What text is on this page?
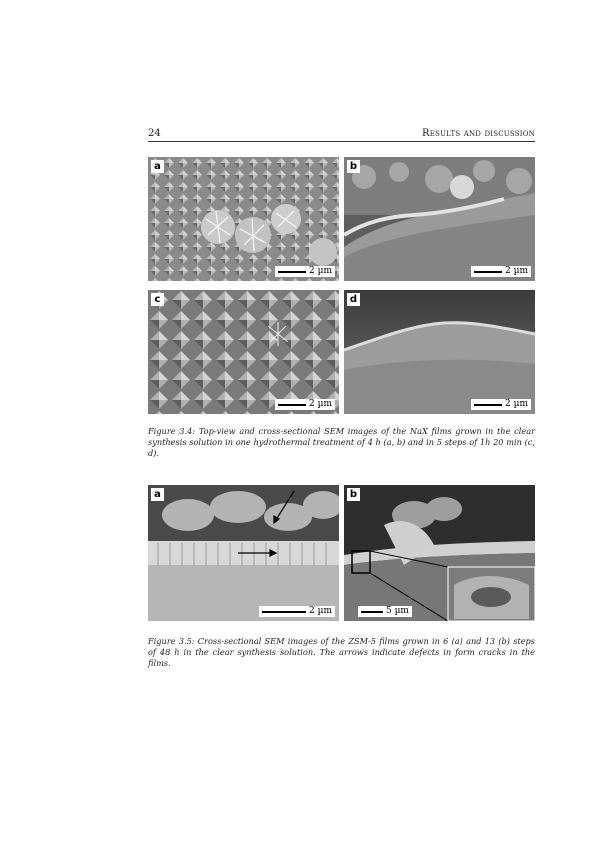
24	Results and discussion
a
2 µm
b
2 µm
c
2 µm
d
2 µm
Figure 3.4: Top-view and cross-sectional SEM images of the NaX films grown in the clear synthesis solution in one hydrothermal treatment of 4 h (a, b) and in 5 steps of 1h 20 min (c, d).
a
2 µm
b
5 µm
Figure 3.5: Cross-sectional SEM images of the ZSM-5 films grown in 6 (a) and 13 (b) steps of 48 h in the clear synthesis solution. The arrows indicate defects in form cracks in the films.
